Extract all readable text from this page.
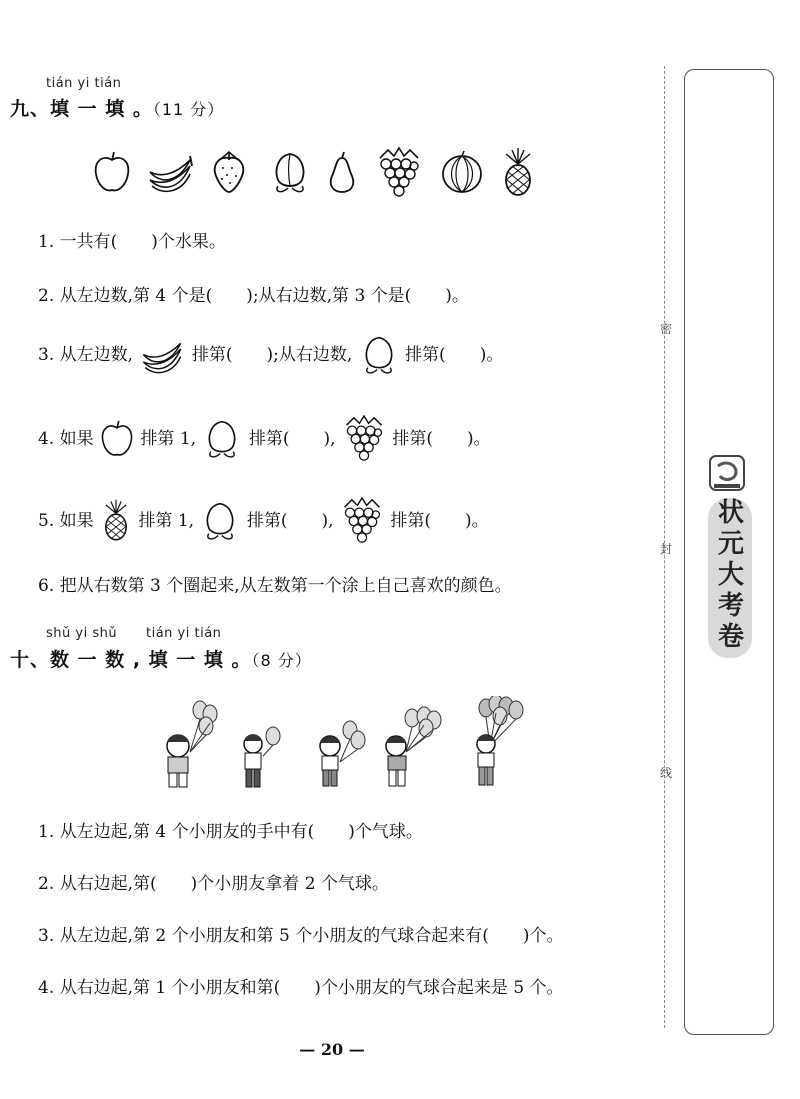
tián yi tián
九、填 一 填 。（11 分）
1. 一共有(　　)个水果。
2. 从左边数,第 4 个是(　　);从右边数,第 3 个是(　　)。
3. 从左边数,	排第(　　);从右边数,	排第(　　)。
4. 如果	排第 1,	排第(　　),	排第(　　)。
5. 如果	排第 1,	排第(　　),	排第(　　)。
6. 把从右数第 3 个圈起来,从左数第一个涂上自己喜欢的颜色。
shǔ yi shǔ tián yi tián
十、数 一 数 , 填 一 填 。（8 分）
1. 从左边起,第 4 个小朋友的手中有(　　)个气球。
2. 从右边起,第(　　)个小朋友拿着 2 个气球。
3. 从左边起,第 2 个小朋友和第 5 个小朋友的气球合起来有(　　)个。
4. 从右边起,第 1 个小朋友和第(　　)个小朋友的气球合起来是 5 个。
— 20 —
密
封
线
状元大考卷
